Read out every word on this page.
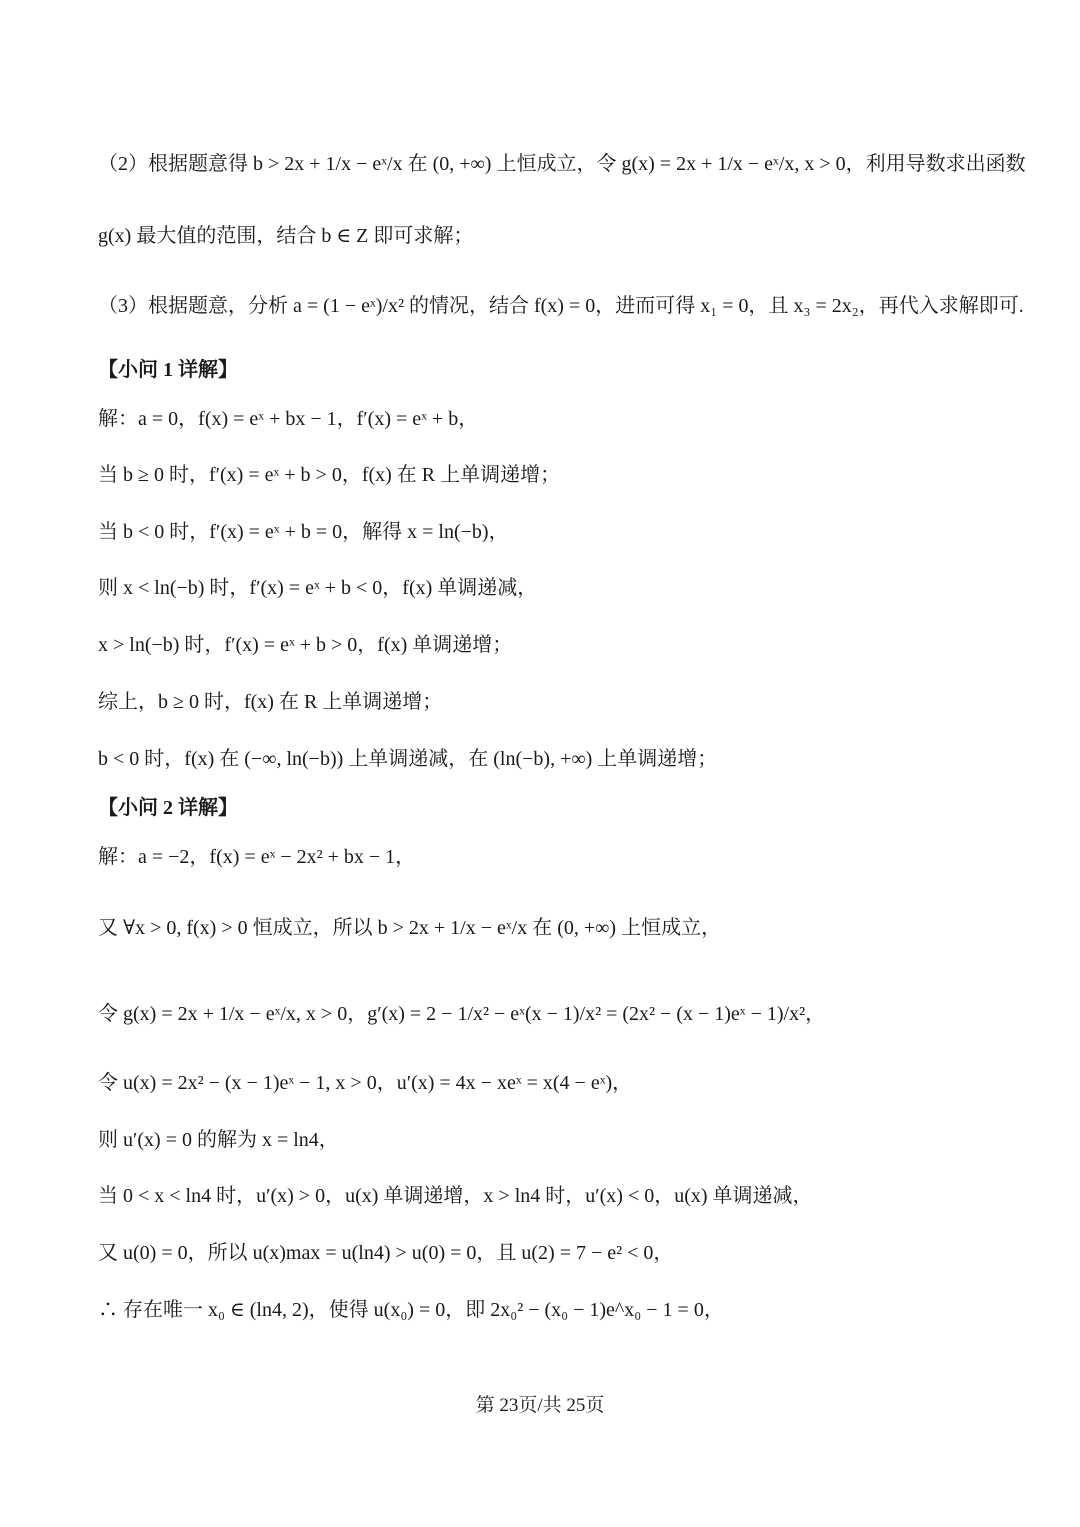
（2）根据题意得 b > 2x + 1/x − eˣ/x 在 (0, +∞) 上恒成立，令 g(x) = 2x + 1/x − eˣ/x, x > 0，利用导数求出函数
g(x) 最大值的范围，结合 b ∈ Z 即可求解；
（3）根据题意，分析 a = (1 − eˣ)/x² 的情况，结合 f(x) = 0，进而可得 x₁ = 0，且 x₃ = 2x₂，再代入求解即可.
【小问 1 详解】
解：a = 0，f(x) = eˣ + bx − 1，f′(x) = eˣ + b，
当 b ≥ 0 时，f′(x) = eˣ + b > 0，f(x) 在 R 上单调递增；
当 b < 0 时，f′(x) = eˣ + b = 0，解得 x = ln(−b)，
则 x < ln(−b) 时，f′(x) = eˣ + b < 0，f(x) 单调递减，
x > ln(−b) 时，f′(x) = eˣ + b > 0，f(x) 单调递增；
综上，b ≥ 0 时，f(x) 在 R 上单调递增；
b < 0 时，f(x) 在 (−∞, ln(−b)) 上单调递减，在 (ln(−b), +∞) 上单调递增；
【小问 2 详解】
解：a = −2，f(x) = eˣ − 2x² + bx − 1，
又 ∀x > 0, f(x) > 0 恒成立，所以 b > 2x + 1/x − eˣ/x 在 (0, +∞) 上恒成立，
令 g(x) = 2x + 1/x − eˣ/x, x > 0，g′(x) = 2 − 1/x² − eˣ(x − 1)/x² = (2x² − (x − 1)eˣ − 1)/x²，
令 u(x) = 2x² − (x − 1)eˣ − 1, x > 0，u′(x) = 4x − xeˣ = x(4 − eˣ)，
则 u′(x) = 0 的解为 x = ln4，
当 0 < x < ln4 时，u′(x) > 0，u(x) 单调递增，x > ln4 时，u′(x) < 0，u(x) 单调递减，
又 u(0) = 0，所以 u(x)max = u(ln4) > u(0) = 0，且 u(2) = 7 − e² < 0，
∴ 存在唯一 x₀ ∈ (ln4, 2)，使得 u(x₀) = 0，即 2x₀² − (x₀ − 1)e^x₀ − 1 = 0，
第 23页/共 25页
